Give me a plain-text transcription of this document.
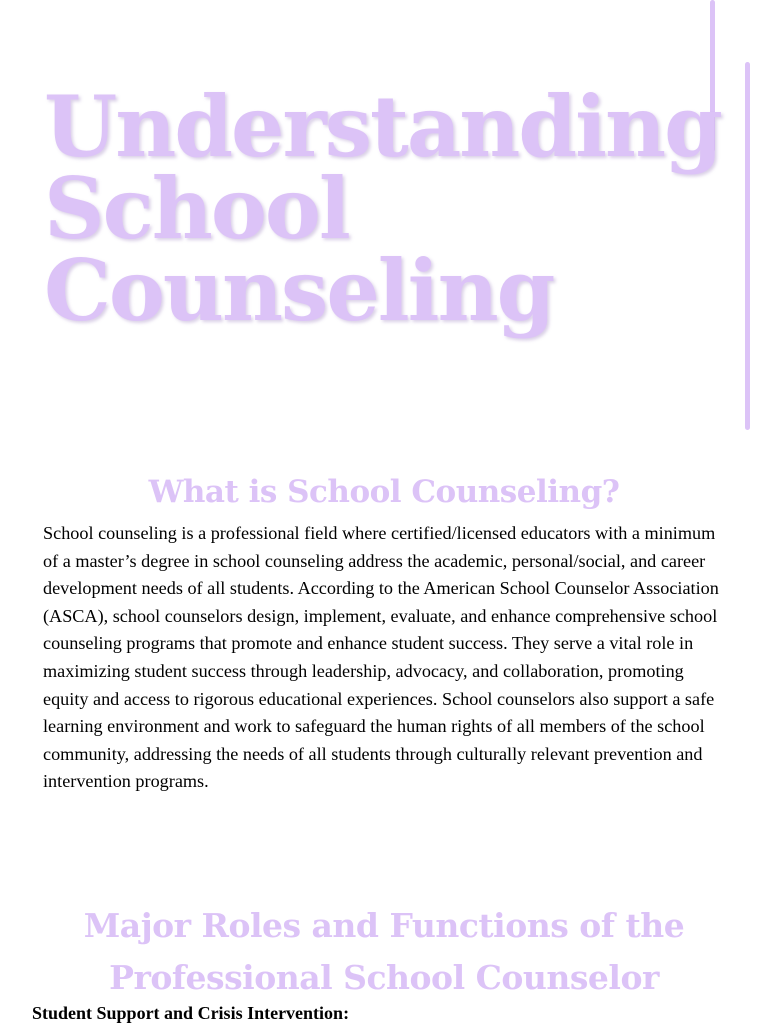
Understanding
School
Counseling
What is School Counseling?

School counseling is a professional field where certified/licensed educators with a minimum of a master’s degree in school counseling address the academic, personal/social, and career development needs of all students. According to the American School Counselor Association (ASCA), school counselors design, implement, evaluate, and enhance comprehensive school counseling programs that promote and enhance student success. They serve a vital role in maximizing student success through leadership, advocacy, and collaboration, promoting equity and access to rigorous educational experiences. School counselors also support a safe learning environment and work to safeguard the human rights of all members of the school community, addressing the needs of all students through culturally relevant prevention and intervention programs.

Major Roles and Functions of the
Professional School Counselor
Student Support and Crisis Intervention:
